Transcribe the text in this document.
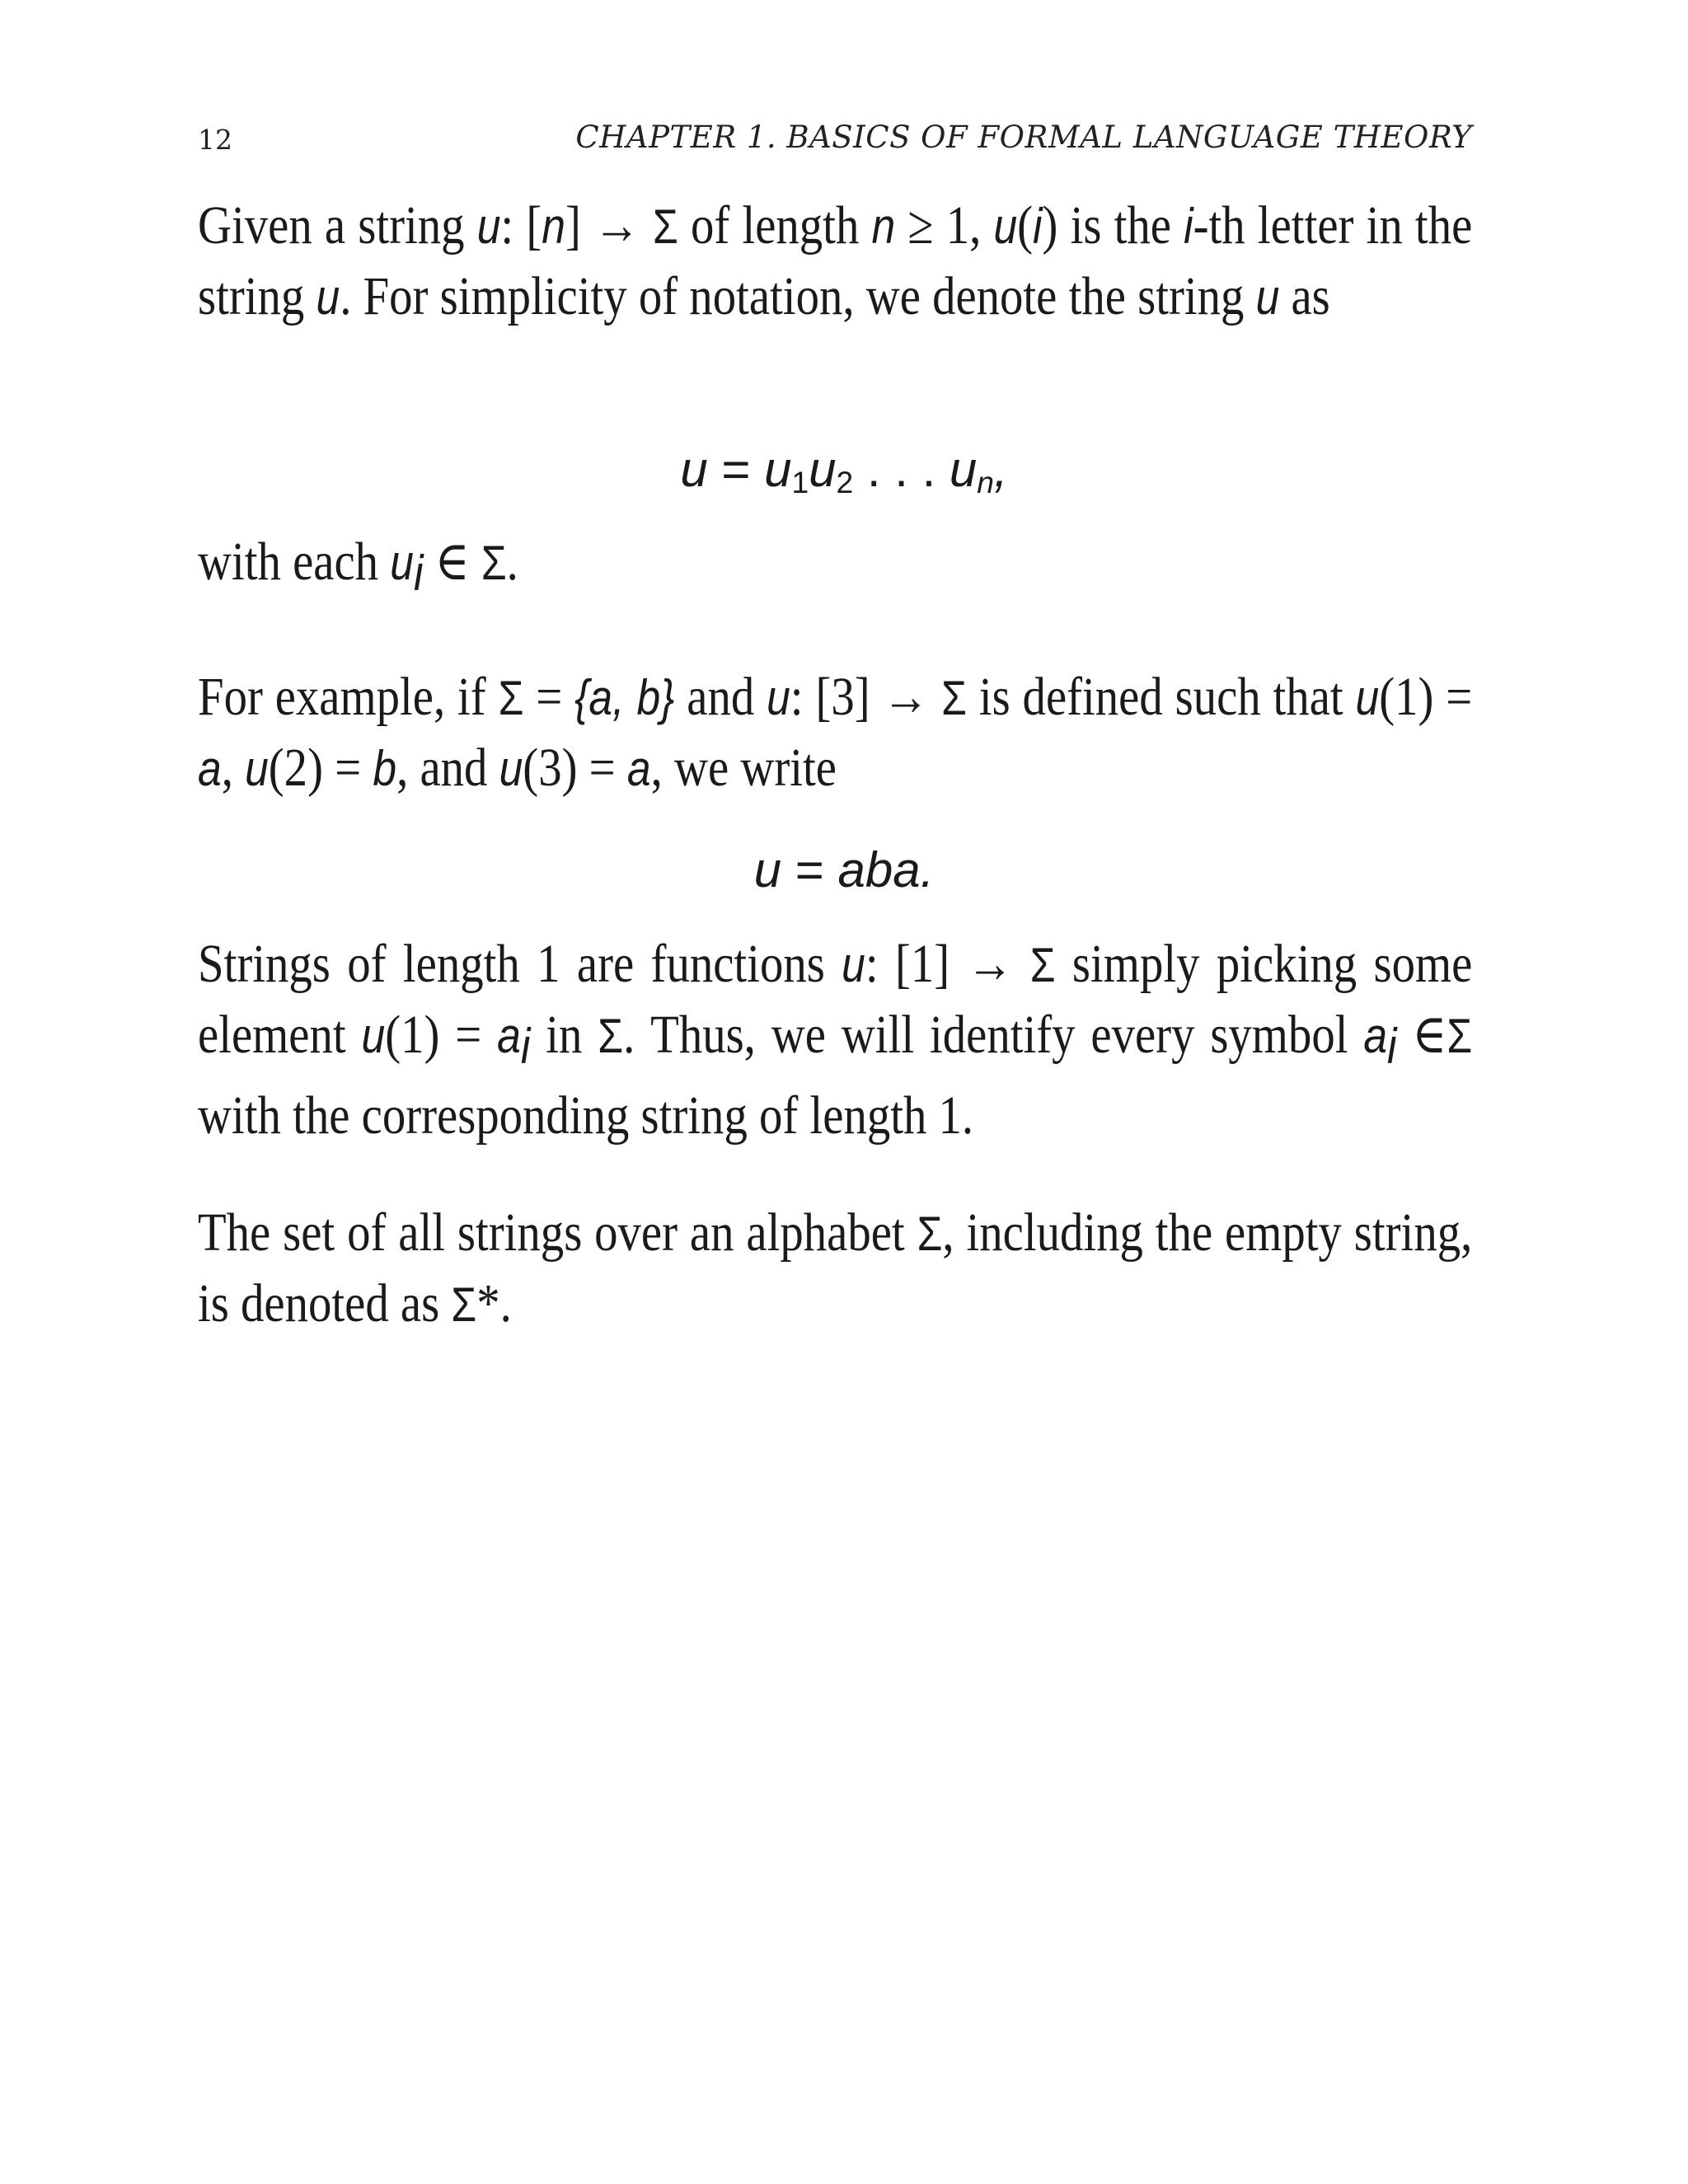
12	CHAPTER 1. BASICS OF FORMAL LANGUAGE THEORY
Given a string u: [n] → Σ of length n ≥ 1, u(i) is the i-th letter in the string u. For simplicity of notation, we denote the string u as
$u = u_1u_2$ . . . $u_n$,
with each $u_i$ ∈ Σ.
For example, if Σ = {a, b} and u: [3] → Σ is defined such that u(1) = a, u(2) = b, and u(3) = a, we write
u = aba.
Strings of length 1 are functions u: [1] → Σ simply picking some element $u(1) = a_i$ in Σ. Thus, we will identify every symbol $a_i$ ∈Σ with the corresponding string of length 1.
The set of all strings over an alphabet Σ, including the empty string, is denoted as Σ*.
